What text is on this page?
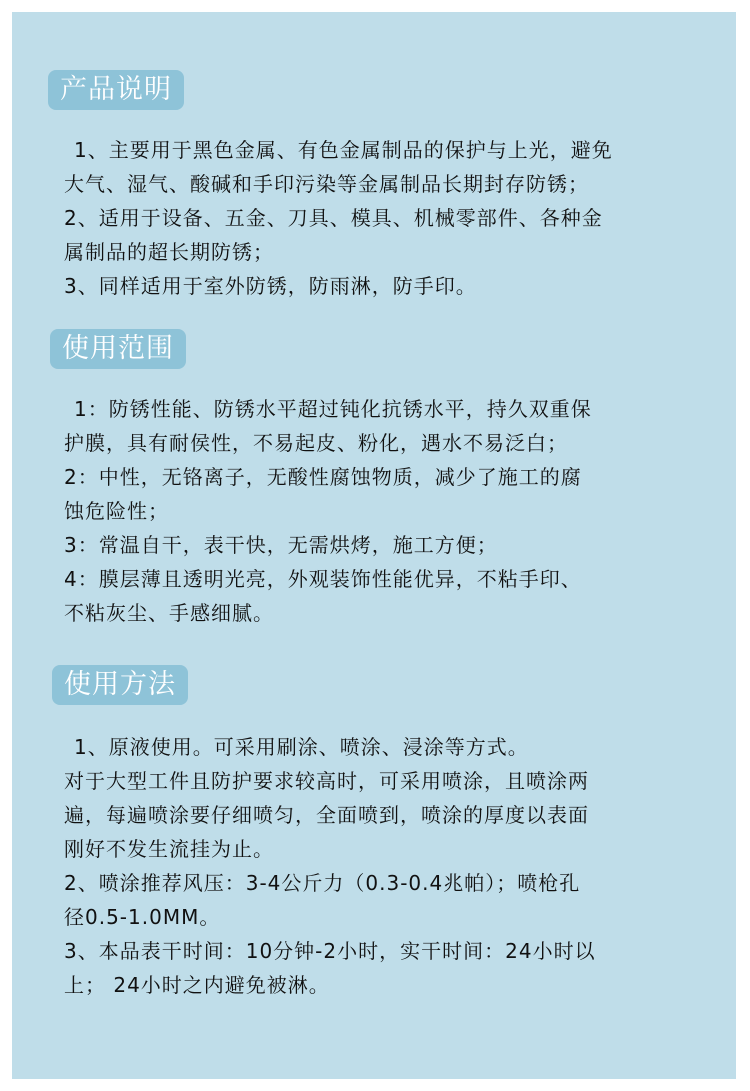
产品说明
1、主要用于黑色金属、有色金属制品的保护与上光，避免
大气、湿气、酸碱和手印污染等金属制品长期封存防锈；
2、适用于设备、五金、刀具、模具、机械零部件、各种金
属制品的超长期防锈；
3、同样适用于室外防锈，防雨淋，防手印。
使用范围
1：防锈性能、防锈水平超过钝化抗锈水平，持久双重保
护膜，具有耐侯性，不易起皮、粉化，遇水不易泛白；
2：中性，无铬离子，无酸性腐蚀物质，减少了施工的腐
蚀危险性；
3：常温自干，表干快，无需烘烤，施工方便；
4：膜层薄且透明光亮，外观装饰性能优异，不粘手印、
不粘灰尘、手感细腻。
使用方法
1、原液使用。可采用刷涂、喷涂、浸涂等方式。
对于大型工件且防护要求较高时，可采用喷涂，且喷涂两
遍，每遍喷涂要仔细喷匀，全面喷到，喷涂的厚度以表面
刚好不发生流挂为止。
2、喷涂推荐风压：3-4公斤力（0.3-0.4兆帕）；喷枪孔
径0.5-1.0MM。
3、本品表干时间：10分钟-2小时，实干时间：24小时以
上； 24小时之内避免被淋。
